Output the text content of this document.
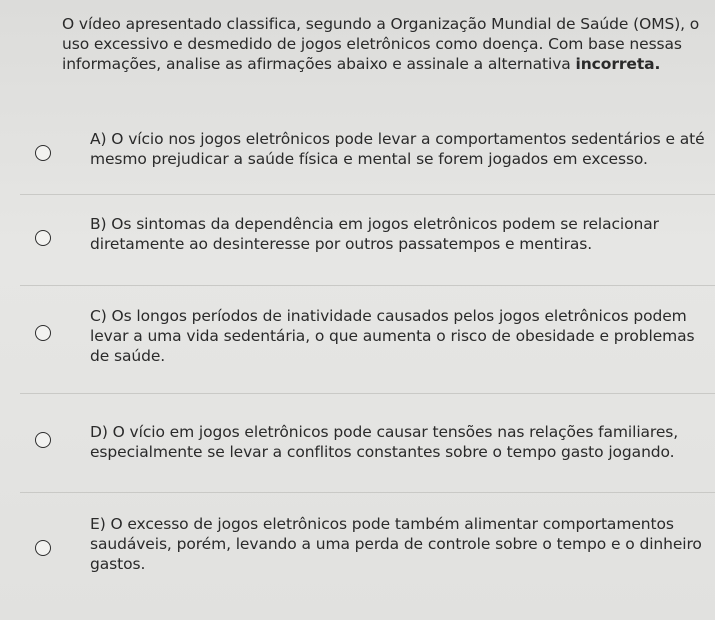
O vídeo apresentado classifica, segundo a Organização Mundial de Saúde (OMS), o uso excessivo e desmedido de jogos eletrônicos como doença. Com base nessas informações, analise as afirmações abaixo e assinale a alternativa incorreta.
A) O vício nos jogos eletrônicos pode levar a comportamentos sedentários e até mesmo prejudicar a saúde física e mental se forem jogados em excesso.
B) Os sintomas da dependência em jogos eletrônicos podem se relacionar diretamente ao desinteresse por outros passatempos e mentiras.
C) Os longos períodos de inatividade causados pelos jogos eletrônicos podem levar a uma vida sedentária, o que aumenta o risco de obesidade e problemas de saúde.
D) O vício em jogos eletrônicos pode causar tensões nas relações familiares, especialmente se levar a conflitos constantes sobre o tempo gasto jogando.
E) O excesso de jogos eletrônicos pode também alimentar comportamentos saudáveis, porém, levando a uma perda de controle sobre o tempo e o dinheiro gastos.
